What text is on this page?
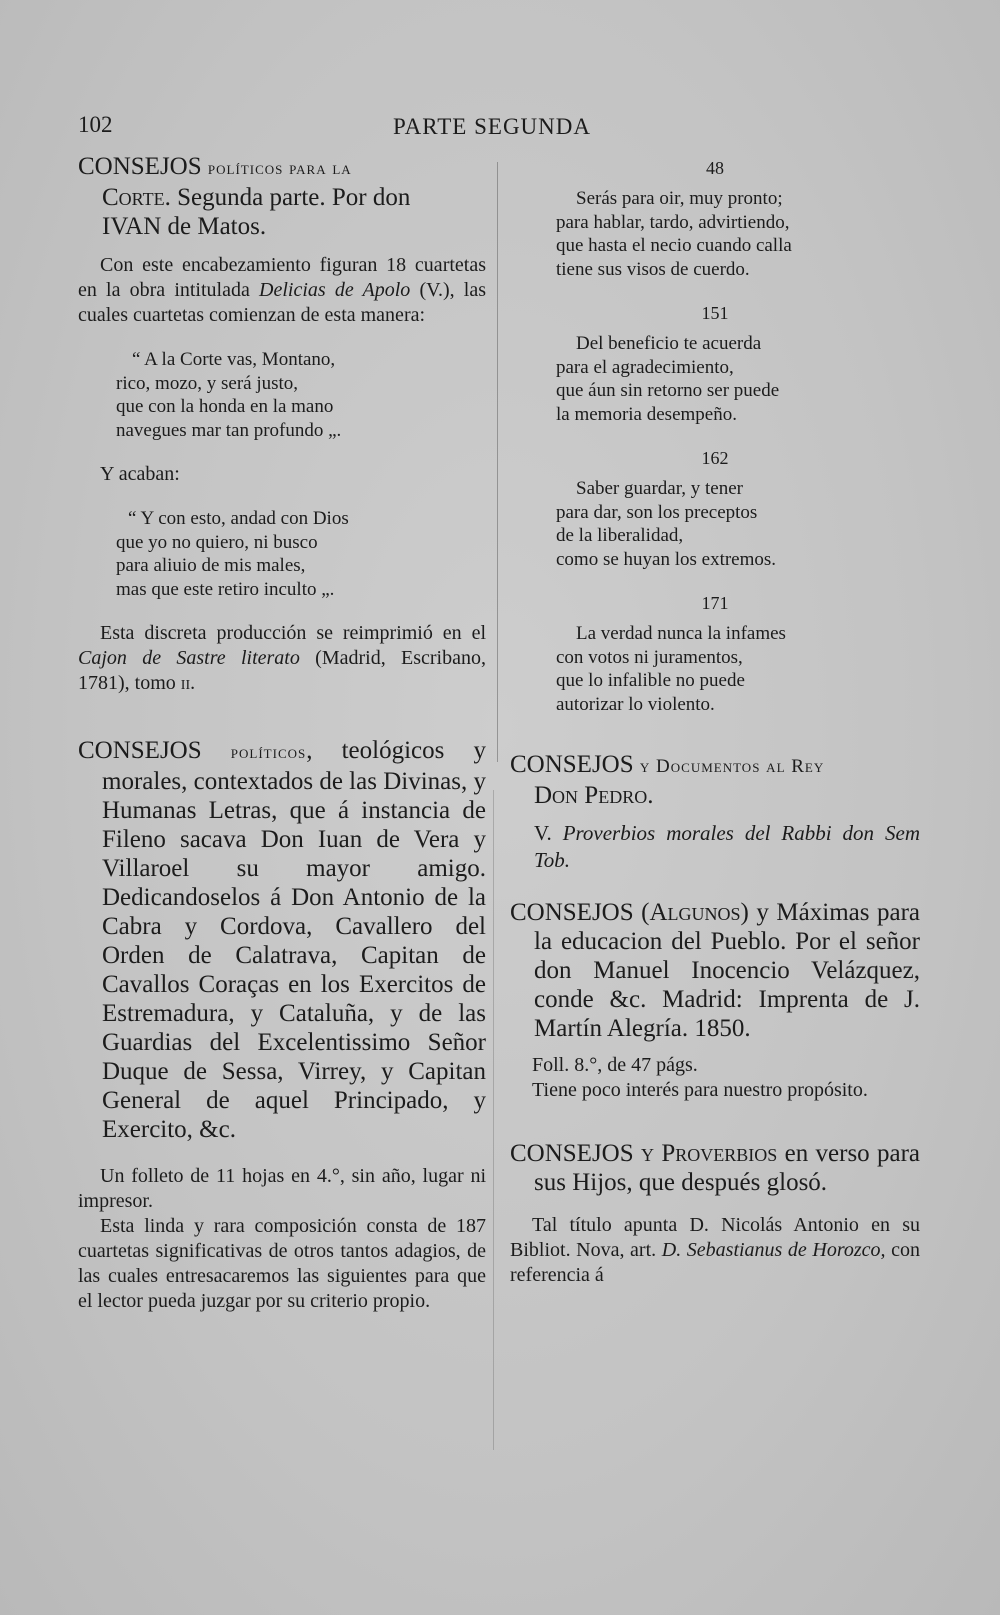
102	PARTE SEGUNDA

CONSEJOS políticos para la
Corte. Segunda parte. Por don
IVAN de Matos.

Con este encabezamiento figuran 18 cuartetas en la obra intitulada Delicias de Apolo (V.), las cuales cuartetas comienzan de esta manera:

“ A la Corte vas, Montano,
rico, mozo, y será justo,
que con la honda en la mano
navegues mar tan profundo „.

Y acaban:

“ Y con esto, andad con Dios
que yo no quiero, ni busco
para aliuio de mis males,
mas que este retiro inculto „.

Esta discreta producción se reimprimió en el Cajon de Sastre literato (Madrid, Escribano, 1781), tomo ii.

CONSEJOS políticos, teológicos y morales, contextados de las Divinas, y Humanas Letras, que á instancia de Fileno sacava Don Iuan de Vera y Villaroel su mayor amigo. Dedicandoselos á Don Antonio de la Cabra y Cordova, Cavallero del Orden de Calatrava, Capitan de Cavallos Coraças en los Exercitos de Estremadura, y Cataluña, y de las Guardias del Excelentissimo Señor Duque de Sessa, Virrey, y Capitan General de aquel Principado, y Exercito, &c.

Un folleto de 11 hojas en 4.°, sin año, lugar ni impresor.

Esta linda y rara composición consta de 187 cuartetas significativas de otros tantos adagios, de las cuales entresacaremos las siguientes para que el lector pueda juzgar por su criterio propio.

48

Serás para oir, muy pronto;
para hablar, tardo, advirtiendo,
que hasta el necio cuando calla
tiene sus visos de cuerdo.

151

Del beneficio te acuerda
para el agradecimiento,
que áun sin retorno ser puede
la memoria desempeño.

162

Saber guardar, y tener
para dar, son los preceptos
de la liberalidad,
como se huyan los extremos.

171

La verdad nunca la infames
con votos ni juramentos,
que lo infalible no puede
autorizar lo violento.

CONSEJOS y Documentos al Rey
Don Pedro.

V. Proverbios morales del Rabbi don Sem Tob.

CONSEJOS (Algunos) y Máximas para la educacion del Pueblo. Por el señor don Manuel Inocencio Velázquez, conde &c. Madrid: Imprenta de J. Martín Alegría. 1850.

Foll. 8.°, de 47 págs.

Tiene poco interés para nuestro propósito.

CONSEJOS y Proverbios en verso para sus Hijos, que después glosó.

Tal título apunta D. Nicolás Antonio en su Bibliot. Nova, art. D. Sebastianus de Horozco, con referencia á
